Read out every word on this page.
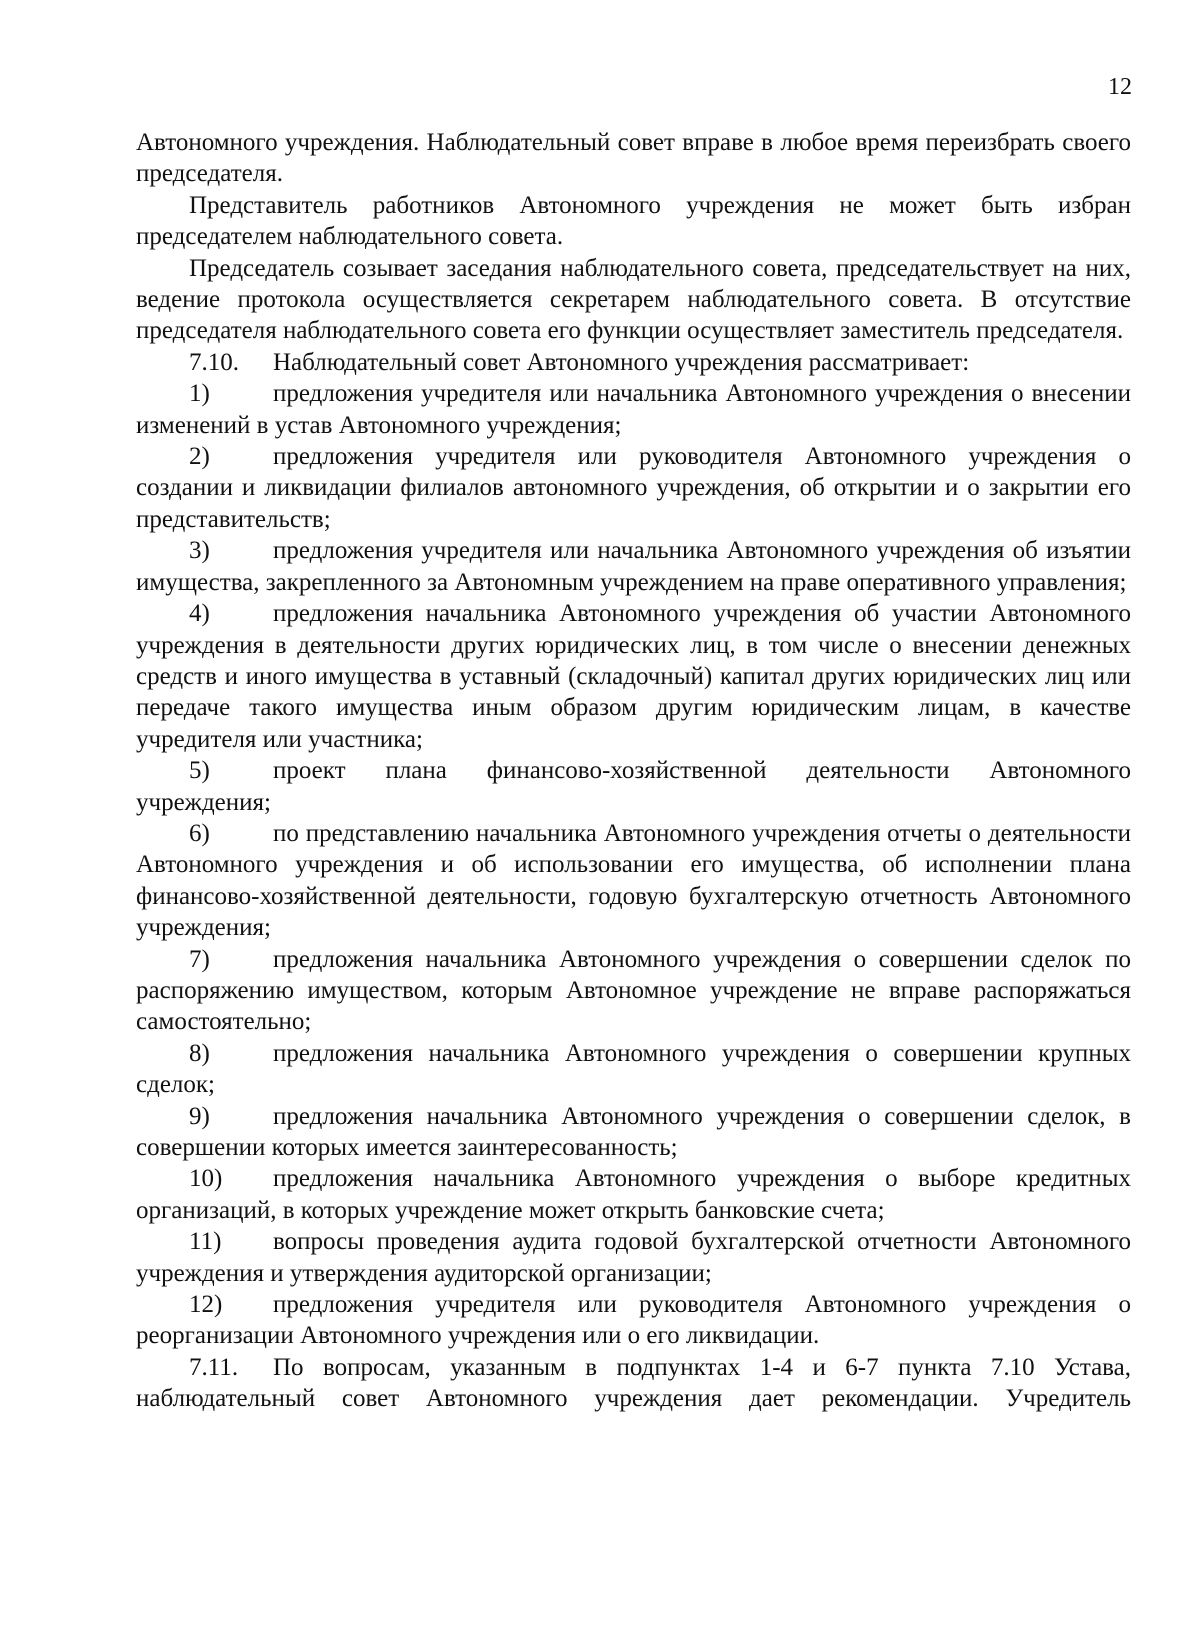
12

Автономного учреждения. Наблюдательный совет вправе в любое время переизбрать своего председателя.

Представитель работников Автономного учреждения не может быть избран председателем наблюдательного совета.

Председатель созывает заседания наблюдательного совета, председательствует на них, ведение протокола осуществляется секретарем наблюдательного совета. В отсутствие председателя наблюдательного совета его функции осуществляет заместитель председателя.

7.10. Наблюдательный совет Автономного учреждения рассматривает:

1)	предложения учредителя или начальника Автономного учреждения о внесении изменений в устав Автономного учреждения;

2)	предложения учредителя или руководителя Автономного учреждения о создании и ликвидации филиалов автономного учреждения, об открытии и о закрытии его представительств;

3)	предложения учредителя или начальника Автономного учреждения об изъятии имущества, закрепленного за Автономным учреждением на праве оперативного управления;

4)	предложения начальника Автономного учреждения об участии Автономного учреждения в деятельности других юридических лиц, в том числе о внесении денежных средств и иного имущества в уставный (складочный) капитал других юридических лиц или передаче такого имущества иным образом другим юридическим лицам, в качестве учредителя или участника;

5)	проект плана финансово-хозяйственной деятельности Автономного учреждения;

6)	по представлению начальника Автономного учреждения отчеты о деятельности Автономного учреждения и об использовании его имущества, об исполнении плана финансово-хозяйственной деятельности, годовую бухгалтерскую отчетность Автономного учреждения;

7)	предложения начальника Автономного учреждения о совершении сделок по распоряжению имуществом, которым Автономное учреждение не вправе распоряжаться самостоятельно;

8)	предложения начальника Автономного учреждения о совершении крупных сделок;

9)	предложения начальника Автономного учреждения о совершении сделок, в совершении которых имеется заинтересованность;

10) предложения начальника Автономного учреждения о выборе кредитных организаций, в которых учреждение может открыть банковские счета;

11) вопросы проведения аудита годовой бухгалтерской отчетности Автономного учреждения и утверждения аудиторской организации;

12) предложения учредителя или руководителя Автономного учреждения о реорганизации Автономного учреждения или о его ликвидации.

7.11. По вопросам, указанным в подпунктах 1-4 и 6-7 пункта 7.10 Устава, наблюдательный совет Автономного учреждения дает рекомендации. Учредитель
